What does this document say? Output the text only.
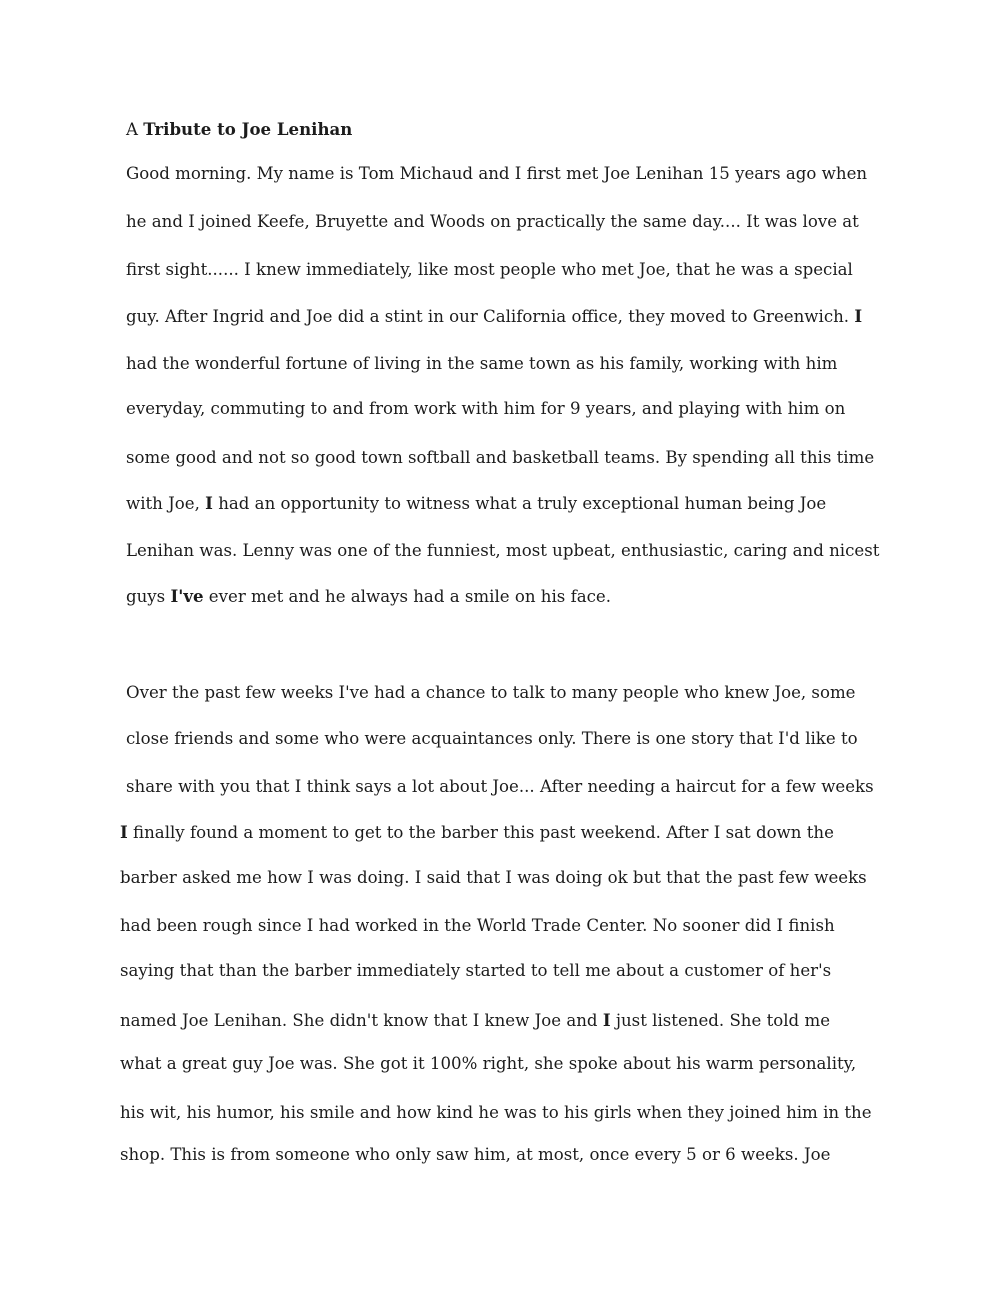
A Tribute to Joe Lenihan
Good morning. My name is Tom Michaud and I first met Joe Lenihan 15 years ago when
he and I joined Keefe, Bruyette and Woods on practically the same day.... It was love at
first sight...... I knew immediately, like most people who met Joe, that he was a special
guy. After Ingrid and Joe did a stint in our California office, they moved to Greenwich. I
had the wonderful fortune of living in the same town as his family, working with him
everyday, commuting to and from work with him for 9 years, and playing with him on
some good and not so good town softball and basketball teams. By spending all this time
with Joe, I had an opportunity to witness what a truly exceptional human being Joe
Lenihan was. Lenny was one of the funniest, most upbeat, enthusiastic, caring and nicest
guys I've ever met and he always had a smile on his face.
Over the past few weeks I've had a chance to talk to many people who knew Joe, some
close friends and some who were acquaintances only. There is one story that I'd like to
share with you that I think says a lot about Joe... After needing a haircut for a few weeks
I finally found a moment to get to the barber this past weekend. After I sat down the
barber asked me how I was doing. I said that I was doing ok but that the past few weeks
had been rough since I had worked in the World Trade Center. No sooner did I finish
saying that than the barber immediately started to tell me about a customer of her's
named Joe Lenihan. She didn't know that I knew Joe and I just listened. She told me
what a great guy Joe was. She got it 100% right, she spoke about his warm personality,
his wit, his humor, his smile and how kind he was to his girls when they joined him in the
shop. This is from someone who only saw him, at most, once every 5 or 6 weeks. Joe
